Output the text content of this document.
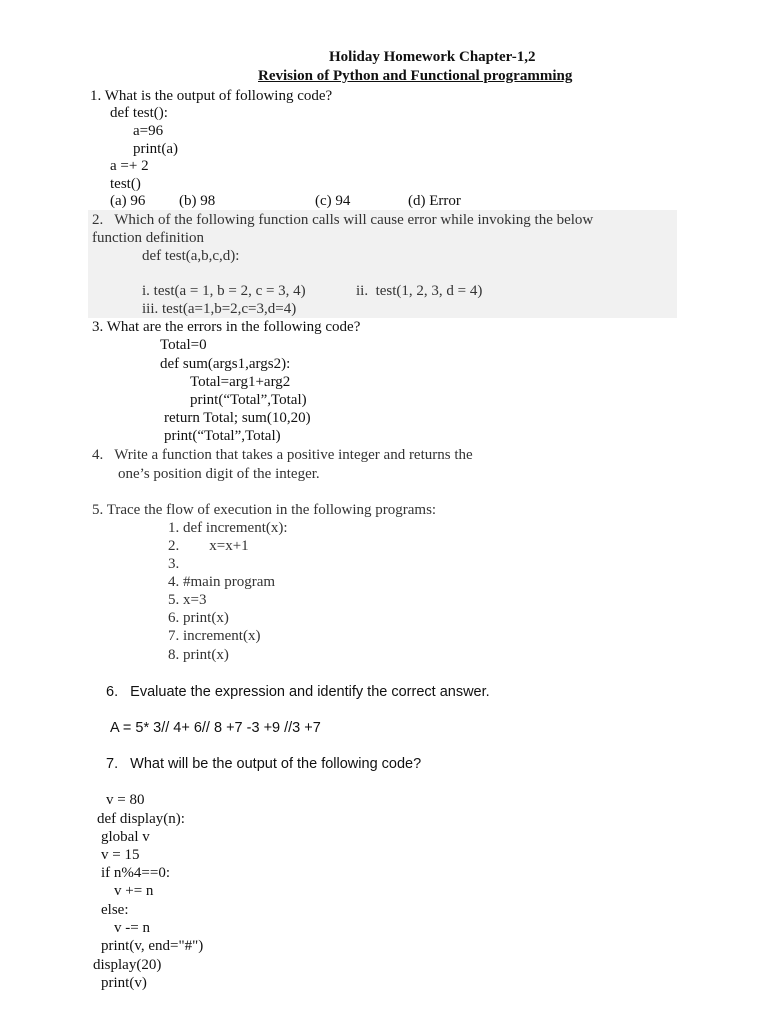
Holiday Homework Chapter-1,2
Revision of Python and Functional programming
1. What is the output of following code?
def test():
a=96
print(a)
a =+ 2
test()
(a) 96 (b) 98	(c) 94	(d) Error
2.   Which of the following function calls will cause error while invoking the below
function definition
def test(a,b,c,d):
i. test(a = 1, b = 2, c = 3, 4)	ii.  test(1, 2, 3, d = 4)
iii. test(a=1,b=2,c=3,d=4)
3. What are the errors in the following code?
Total=0
def sum(args1,args2):
Total=arg1+arg2
print(“Total”,Total)
return Total; sum(10,20)
print(“Total”,Total)
4.   Write a function that takes a positive integer and returns the
one’s position digit of the integer.
5. Trace the flow of execution in the following programs:
1. def increment(x):
2.        x=x+1
3.
4. #main program
5. x=3
6. print(x)
7. increment(x)
8. print(x)
6.   Evaluate the expression and identify the correct answer.
A = 5* 3// 4+ 6// 8 +7 -3 +9 //3 +7
7.   What will be the output of the following code?
v = 80
def display(n):
global v
v = 15
if n%4==0:
v += n
else:
v -= n
print(v, end="#")
display(20)
print(v)
